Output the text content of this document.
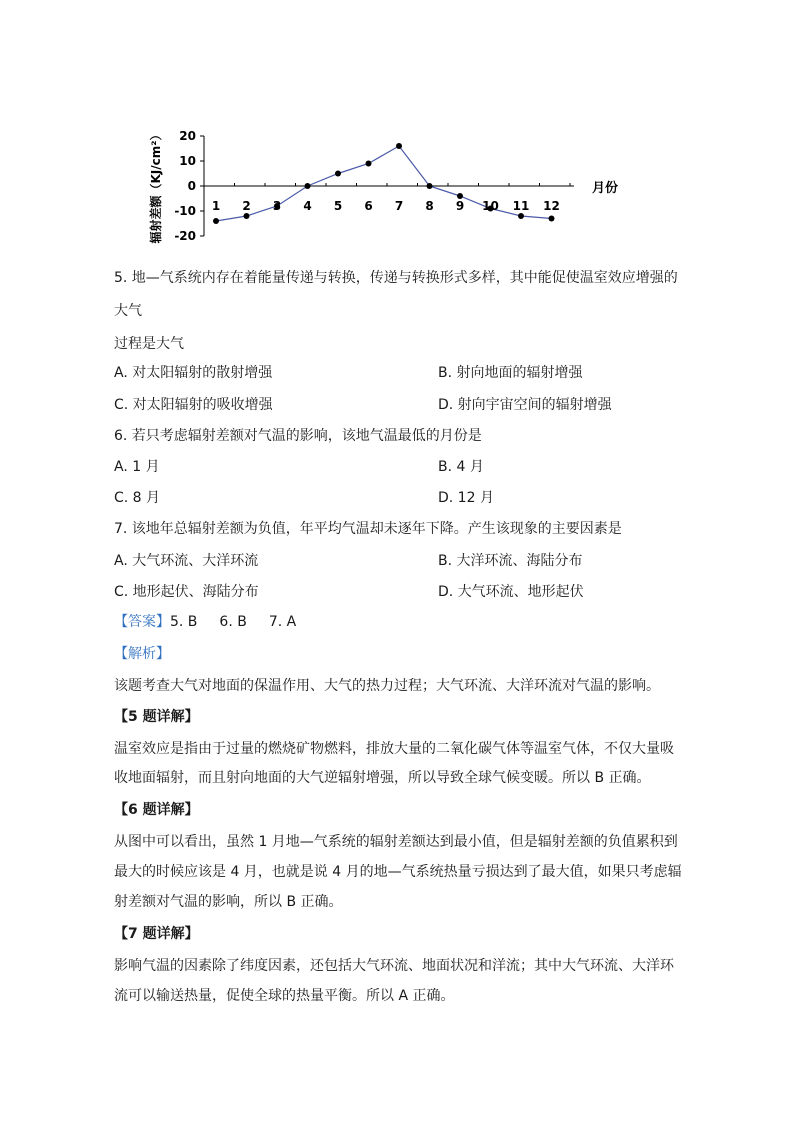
辐射差额（KJ/cm²） 20
10
0
-10
-20
1 2 3 4 5 6 7 8 9 10 11 12
月份
5. 地—气系统内存在着能量传递与转换，传递与转换形式多样，其中能促使温室效应增强的
大气
过程是大气
A. 对太阳辐射的散射增强	B. 射向地面的辐射增强
C. 对太阳辐射的吸收增强	D. 射向宇宙空间的辐射增强
6. 若只考虑辐射差额对气温的影响，该地气温最低的月份是
A. 1 月	B. 4 月
C. 8 月	D. 12 月
7. 该地年总辐射差额为负值，年平均气温却未逐年下降。产生该现象的主要因素是
A. 大气环流、大洋环流	B. 大洋环流、海陆分布
C. 地形起伏、海陆分布	D. 大气环流、地形起伏
【答案】5. B 6. B 7. A
【解析】
该题考查大气对地面的保温作用、大气的热力过程；大气环流、大洋环流对气温的影响。
【5 题详解】
温室效应是指由于过量的燃烧矿物燃料，排放大量的二氧化碳气体等温室气体，不仅大量吸
收地面辐射，而且射向地面的大气逆辐射增强，所以导致全球气候变暖。所以 B 正确。
【6 题详解】
从图中可以看出，虽然 1 月地—气系统的辐射差额达到最小值，但是辐射差额的负值累积到
最大的时候应该是 4 月，也就是说 4 月的地—气系统热量亏损达到了最大值，如果只考虑辐
射差额对气温的影响，所以 B 正确。
【7 题详解】
影响气温的因素除了纬度因素，还包括大气环流、地面状况和洋流；其中大气环流、大洋环
流可以输送热量，促使全球的热量平衡。所以 A 正确。
